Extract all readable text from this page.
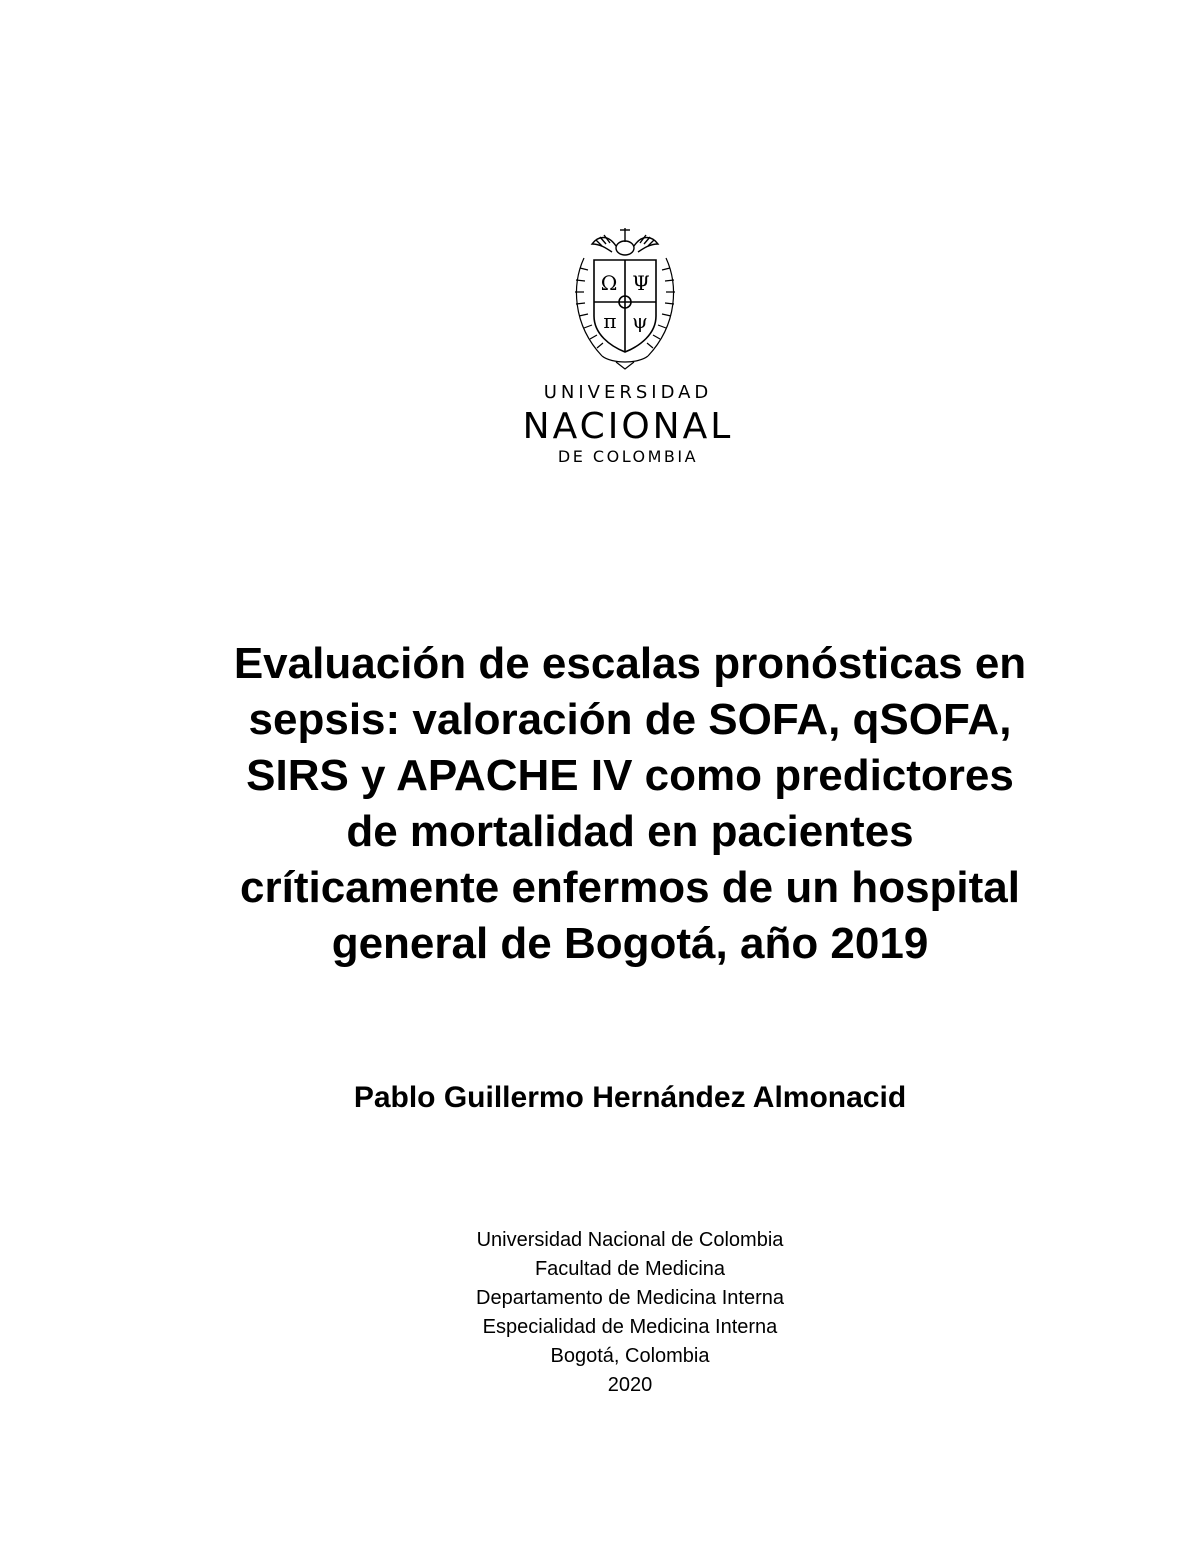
Ω Ψ
π ψ
UNIVERSIDAD
NACIONAL
DE COLOMBIA
Evaluación de escalas pronósticas en
sepsis: valoración de SOFA, qSOFA,
SIRS y APACHE IV como predictores
de mortalidad en pacientes
críticamente enfermos de un hospital
general de Bogotá, año 2019
Pablo Guillermo Hernández Almonacid
Universidad Nacional de Colombia
Facultad de Medicina
Departamento de Medicina Interna
Especialidad de Medicina Interna
Bogotá, Colombia
2020
